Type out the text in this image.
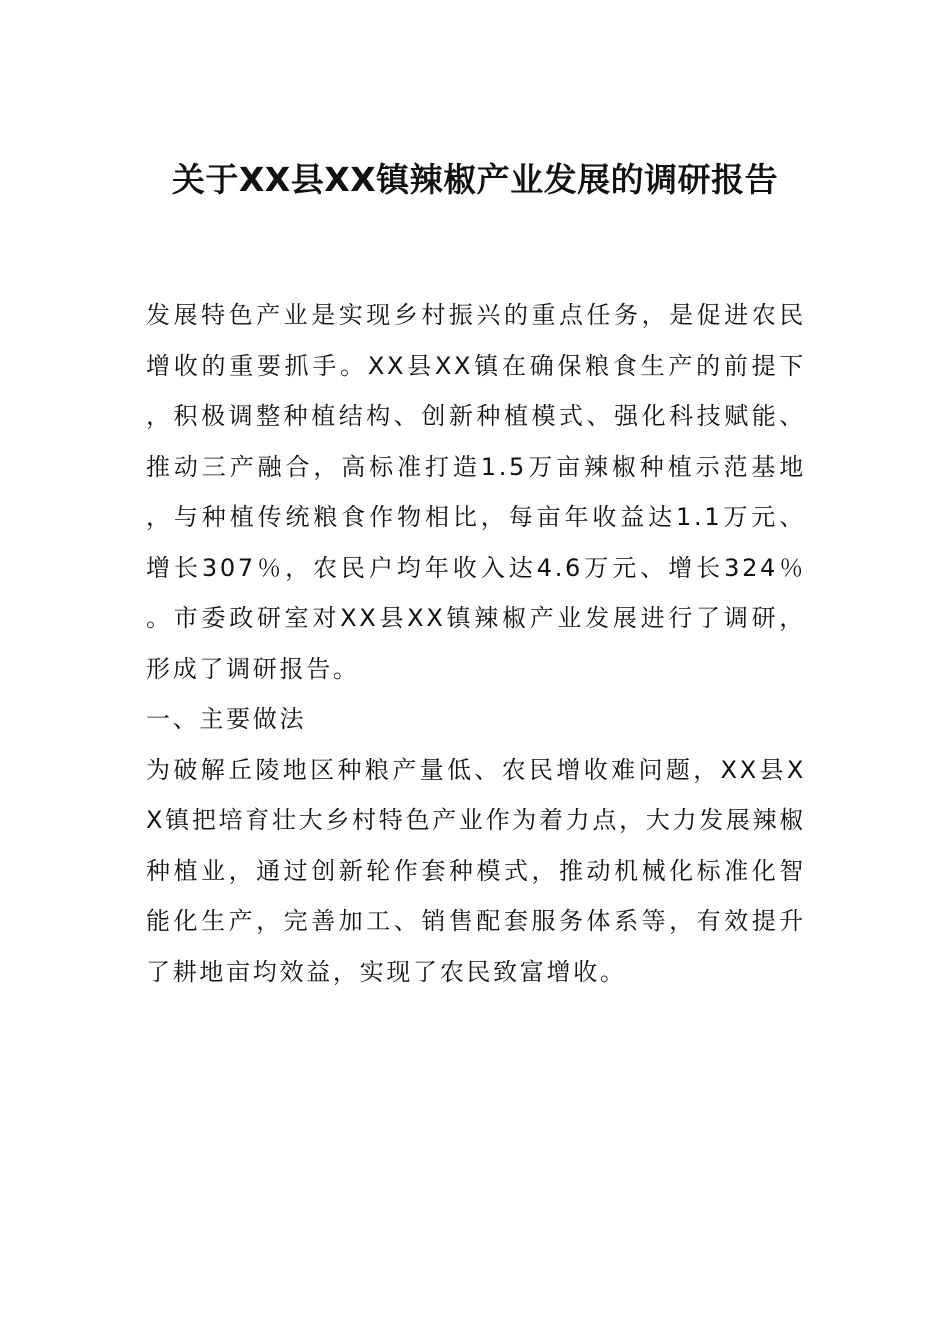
关于XX县XX镇辣椒产业发展的调研报告

发展特色产业是实现乡村振兴的重点任务，是促进农民增收的重要抓手。XX县XX镇在确保粮食生产的前提下，积极调整种植结构、创新种植模式、强化科技赋能、推动三产融合，高标准打造1.5万亩辣椒种植示范基地，与种植传统粮食作物相比，每亩年收益达1.1万元、增长307％，农民户均年收入达4.6万元、增长324％。市委政研室对XX县XX镇辣椒产业发展进行了调研，形成了调研报告。

一、主要做法

为破解丘陵地区种粮产量低、农民增收难问题，XX县XX镇把培育壮大乡村特色产业作为着力点，大力发展辣椒种植业，通过创新轮作套种模式，推动机械化标准化智能化生产，完善加工、销售配套服务体系等，有效提升了耕地亩均效益，实现了农民致富增收。
